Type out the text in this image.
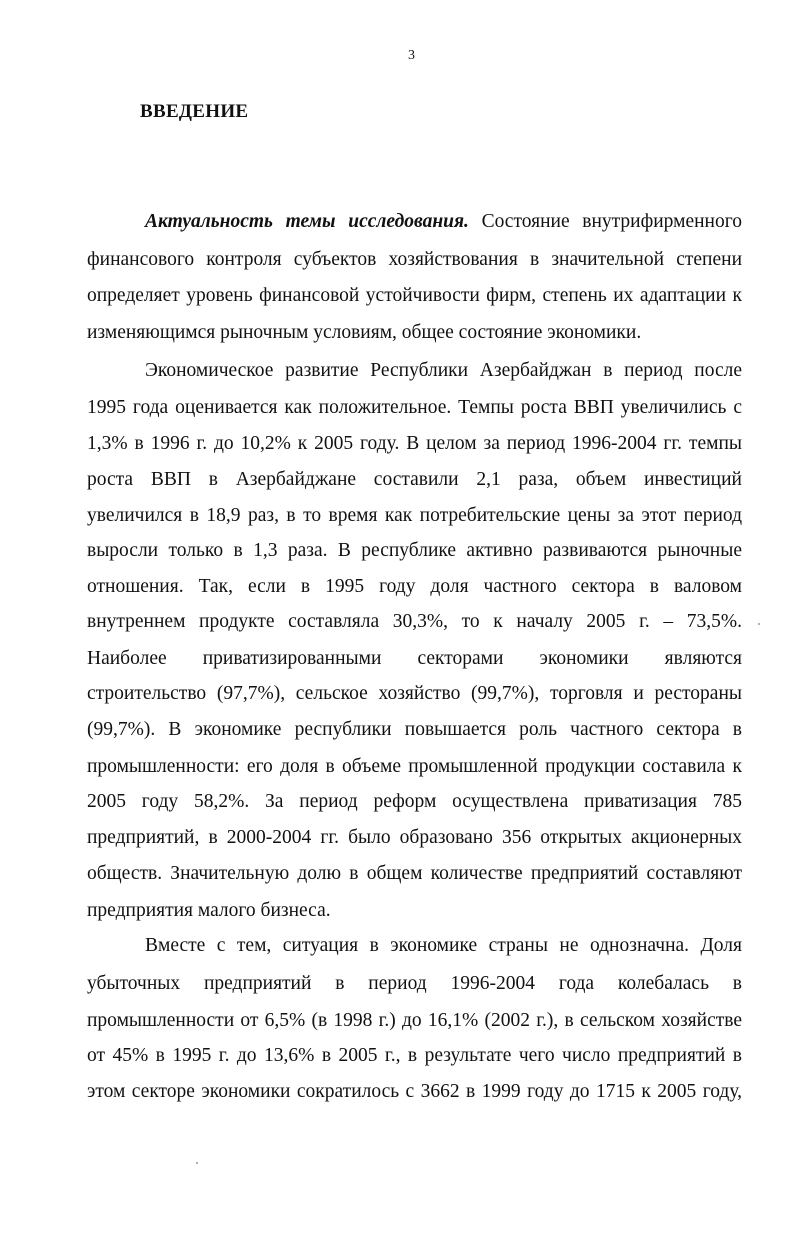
3
ВВЕДЕНИЕ
Актуальность темы исследования. Состояние внутрифирменного
финансового контроля субъектов хозяйствования в значительной степени
определяет уровень финансовой устойчивости фирм, степень их адаптации к
изменяющимся рыночным условиям, общее состояние экономики.
Экономическое развитие Республики Азербайджан в период после
1995 года оценивается как положительное. Темпы роста ВВП увеличились с
1,3% в 1996 г. до 10,2% к 2005 году. В целом за период 1996-2004 гг. темпы
роста ВВП в Азербайджане составили 2,1 раза, объем инвестиций
увеличился в 18,9 раз, в то время как потребительские цены за этот период
выросли только в 1,3 раза. В республике активно развиваются рыночные
отношения. Так, если в 1995 году доля частного сектора в валовом
внутреннем продукте составляла 30,3%, то к началу 2005 г. – 73,5%.
Наиболее приватизированными секторами экономики являются
строительство (97,7%), сельское хозяйство (99,7%), торговля и рестораны
(99,7%). В экономике республики повышается роль частного сектора в
промышленности: его доля в объеме промышленной продукции составила к
2005 году 58,2%. За период реформ осуществлена приватизация 785
предприятий, в 2000-2004 гг. было образовано 356 открытых акционерных
обществ. Значительную долю в общем количестве предприятий составляют
предприятия малого бизнеса.
Вместе с тем, ситуация в экономике страны не однозначна. Доля
убыточных предприятий в период 1996-2004 года колебалась в
промышленности от 6,5% (в 1998 г.) до 16,1% (2002 г.), в сельском хозяйстве
от 45% в 1995 г. до 13,6% в 2005 г., в результате чего число предприятий в
этом секторе экономики сократилось с 3662 в 1999 году до 1715 к 2005 году,
